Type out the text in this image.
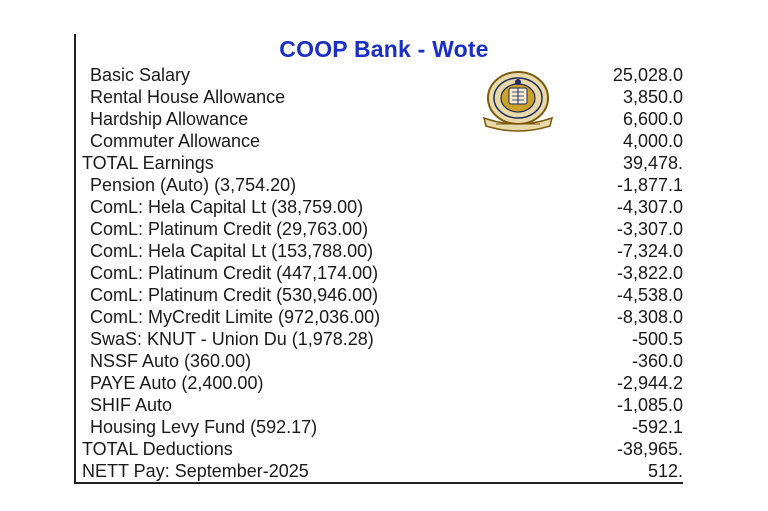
COOP Bank - Wote
Basic Salary	25,028.0
Rental House Allowance	3,850.0
Hardship Allowance	6,600.0
Commuter Allowance	4,000.0
TOTAL Earnings	39,478.
Pension (Auto) (3,754.20)	-1,877.1
ComL: Hela Capital Lt (38,759.00)	-4,307.0
ComL: Platinum Credit (29,763.00)	-3,307.0
ComL: Hela Capital Lt (153,788.00)	-7,324.0
ComL: Platinum Credit (447,174.00)	-3,822.0
ComL: Platinum Credit (530,946.00)	-4,538.0
ComL: MyCredit Limite (972,036.00)	-8,308.0
SwaS: KNUT - Union Du (1,978.28)	-500.5
NSSF Auto (360.00)	-360.0
PAYE Auto (2,400.00)	-2,944.2
SHIF Auto	-1,085.0
Housing Levy Fund (592.17)	-592.1
TOTAL Deductions	-38,965.
NETT Pay: September-2025	512.
